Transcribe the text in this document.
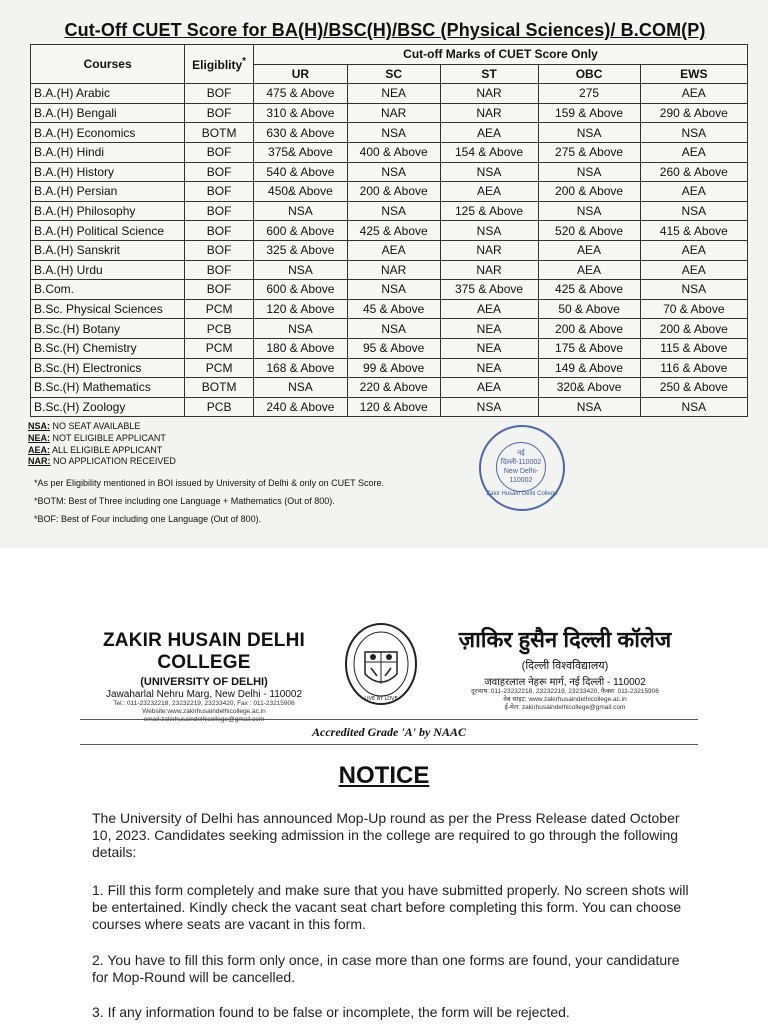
Cut-Off CUET Score for BA(H)/BSC(H)/BSC (Physical Sciences)/ B.COM(P)
Courses	Eligiblity*	Cut-off Marks of CUET Score Only				
		UR	SC	ST	OBC	EWS
B.A.(H) Arabic	BOF	475 & Above	NEA	NAR	275	AEA
B.A.(H) Bengali	BOF	310 & Above	NAR	NAR	159 & Above	290 & Above
B.A.(H) Economics	BOTM	630 & Above	NSA	AEA	NSA	NSA
B.A.(H) Hindi	BOF	375& Above	400 & Above	154 & Above	275 & Above	AEA
B.A.(H) History	BOF	540 & Above	NSA	NSA	NSA	260 & Above
B.A.(H) Persian	BOF	450& Above	200 & Above	AEA	200 & Above	AEA
B.A.(H) Philosophy	BOF	NSA	NSA	125 & Above	NSA	NSA
B.A.(H) Political Science	BOF	600 & Above	425 & Above	NSA	520 & Above	415 & Above
B.A.(H) Sanskrit	BOF	325 & Above	AEA	NAR	AEA	AEA
B.A.(H) Urdu	BOF	NSA	NAR	NAR	AEA	AEA
B.Com.	BOF	600 & Above	NSA	375 & Above	425 & Above	NSA
B.Sc. Physical Sciences	PCM	120 & Above	45 & Above	AEA	50 & Above	70 & Above
B.Sc.(H) Botany	PCB	NSA	NSA	NEA	200 & Above	200 & Above
B.Sc.(H) Chemistry	PCM	180 & Above	95 & Above	NEA	175 & Above	115 & Above
B.Sc.(H) Electronics	PCM	168 & Above	99 & Above	NEA	149 & Above	116 & Above
B.Sc.(H) Mathematics	BOTM	NSA	220 & Above	AEA	320& Above	250 & Above
B.Sc.(H) Zoology	PCB	240 & Above	120 & Above	NSA	NSA	NSA
NSA: NO SEAT AVAILABLE
NEA: NOT ELIGIBLE APPLICANT
AEA: ALL ELIGIBLE APPLICANT
NAR: NO APPLICATION RECEIVED
*As per Eligibility mentioned in BOI issued by University of Delhi & only on CUET Score.
*BOTM: Best of Three including one Language + Mathematics (Out of 800).
*BOF: Best of Four including one Language (Out of 800).
नई दिल्ली-110002
New Delhi-110002
Zakir Husain Delhi College
ZAKIR HUSAIN DELHI COLLEGE
(UNIVERSITY OF DELHI)
Jawaharlal Nehru Marg, New Delhi - 110002
Tel.: 011-23232218, 23232219, 23233420, Fax : 011-23215906
Website:www.zakirhusaindelhicollege.ac.in
email:zakirhusaindelhicollege@gmail.com
LIVE BY LOVE
ज़ाकिर हुसैन दिल्ली कॉलेज
(दिल्ली विश्वविद्यालय)
जवाहरलाल नेहरू मार्ग, नई दिल्ली - 110002
दूरभाष: 011-23232218, 23232219, 23233420, फैक्स: 011-23215906
वेब साइट: www.zakirhusaindelhicollege.ac.in
ई-मेल: zakirhusaindelhicollege@gmail.com
Accredited Grade 'A' by NAAC
NOTICE
The University of Delhi has announced Mop-Up round as per the Press Release dated October 10, 2023. Candidates seeking admission in the college are required to go through the following details:
1. Fill this form completely and make sure that you have submitted properly. No screen shots will be entertained. Kindly check the vacant seat chart before completing this form. You can choose courses where seats are vacant in this form.
2. You have to fill this form only once, in case more than one forms are found, your candidature for Mop-Round will be cancelled.
3. If any information found to be false or incomplete, the form will be rejected.
